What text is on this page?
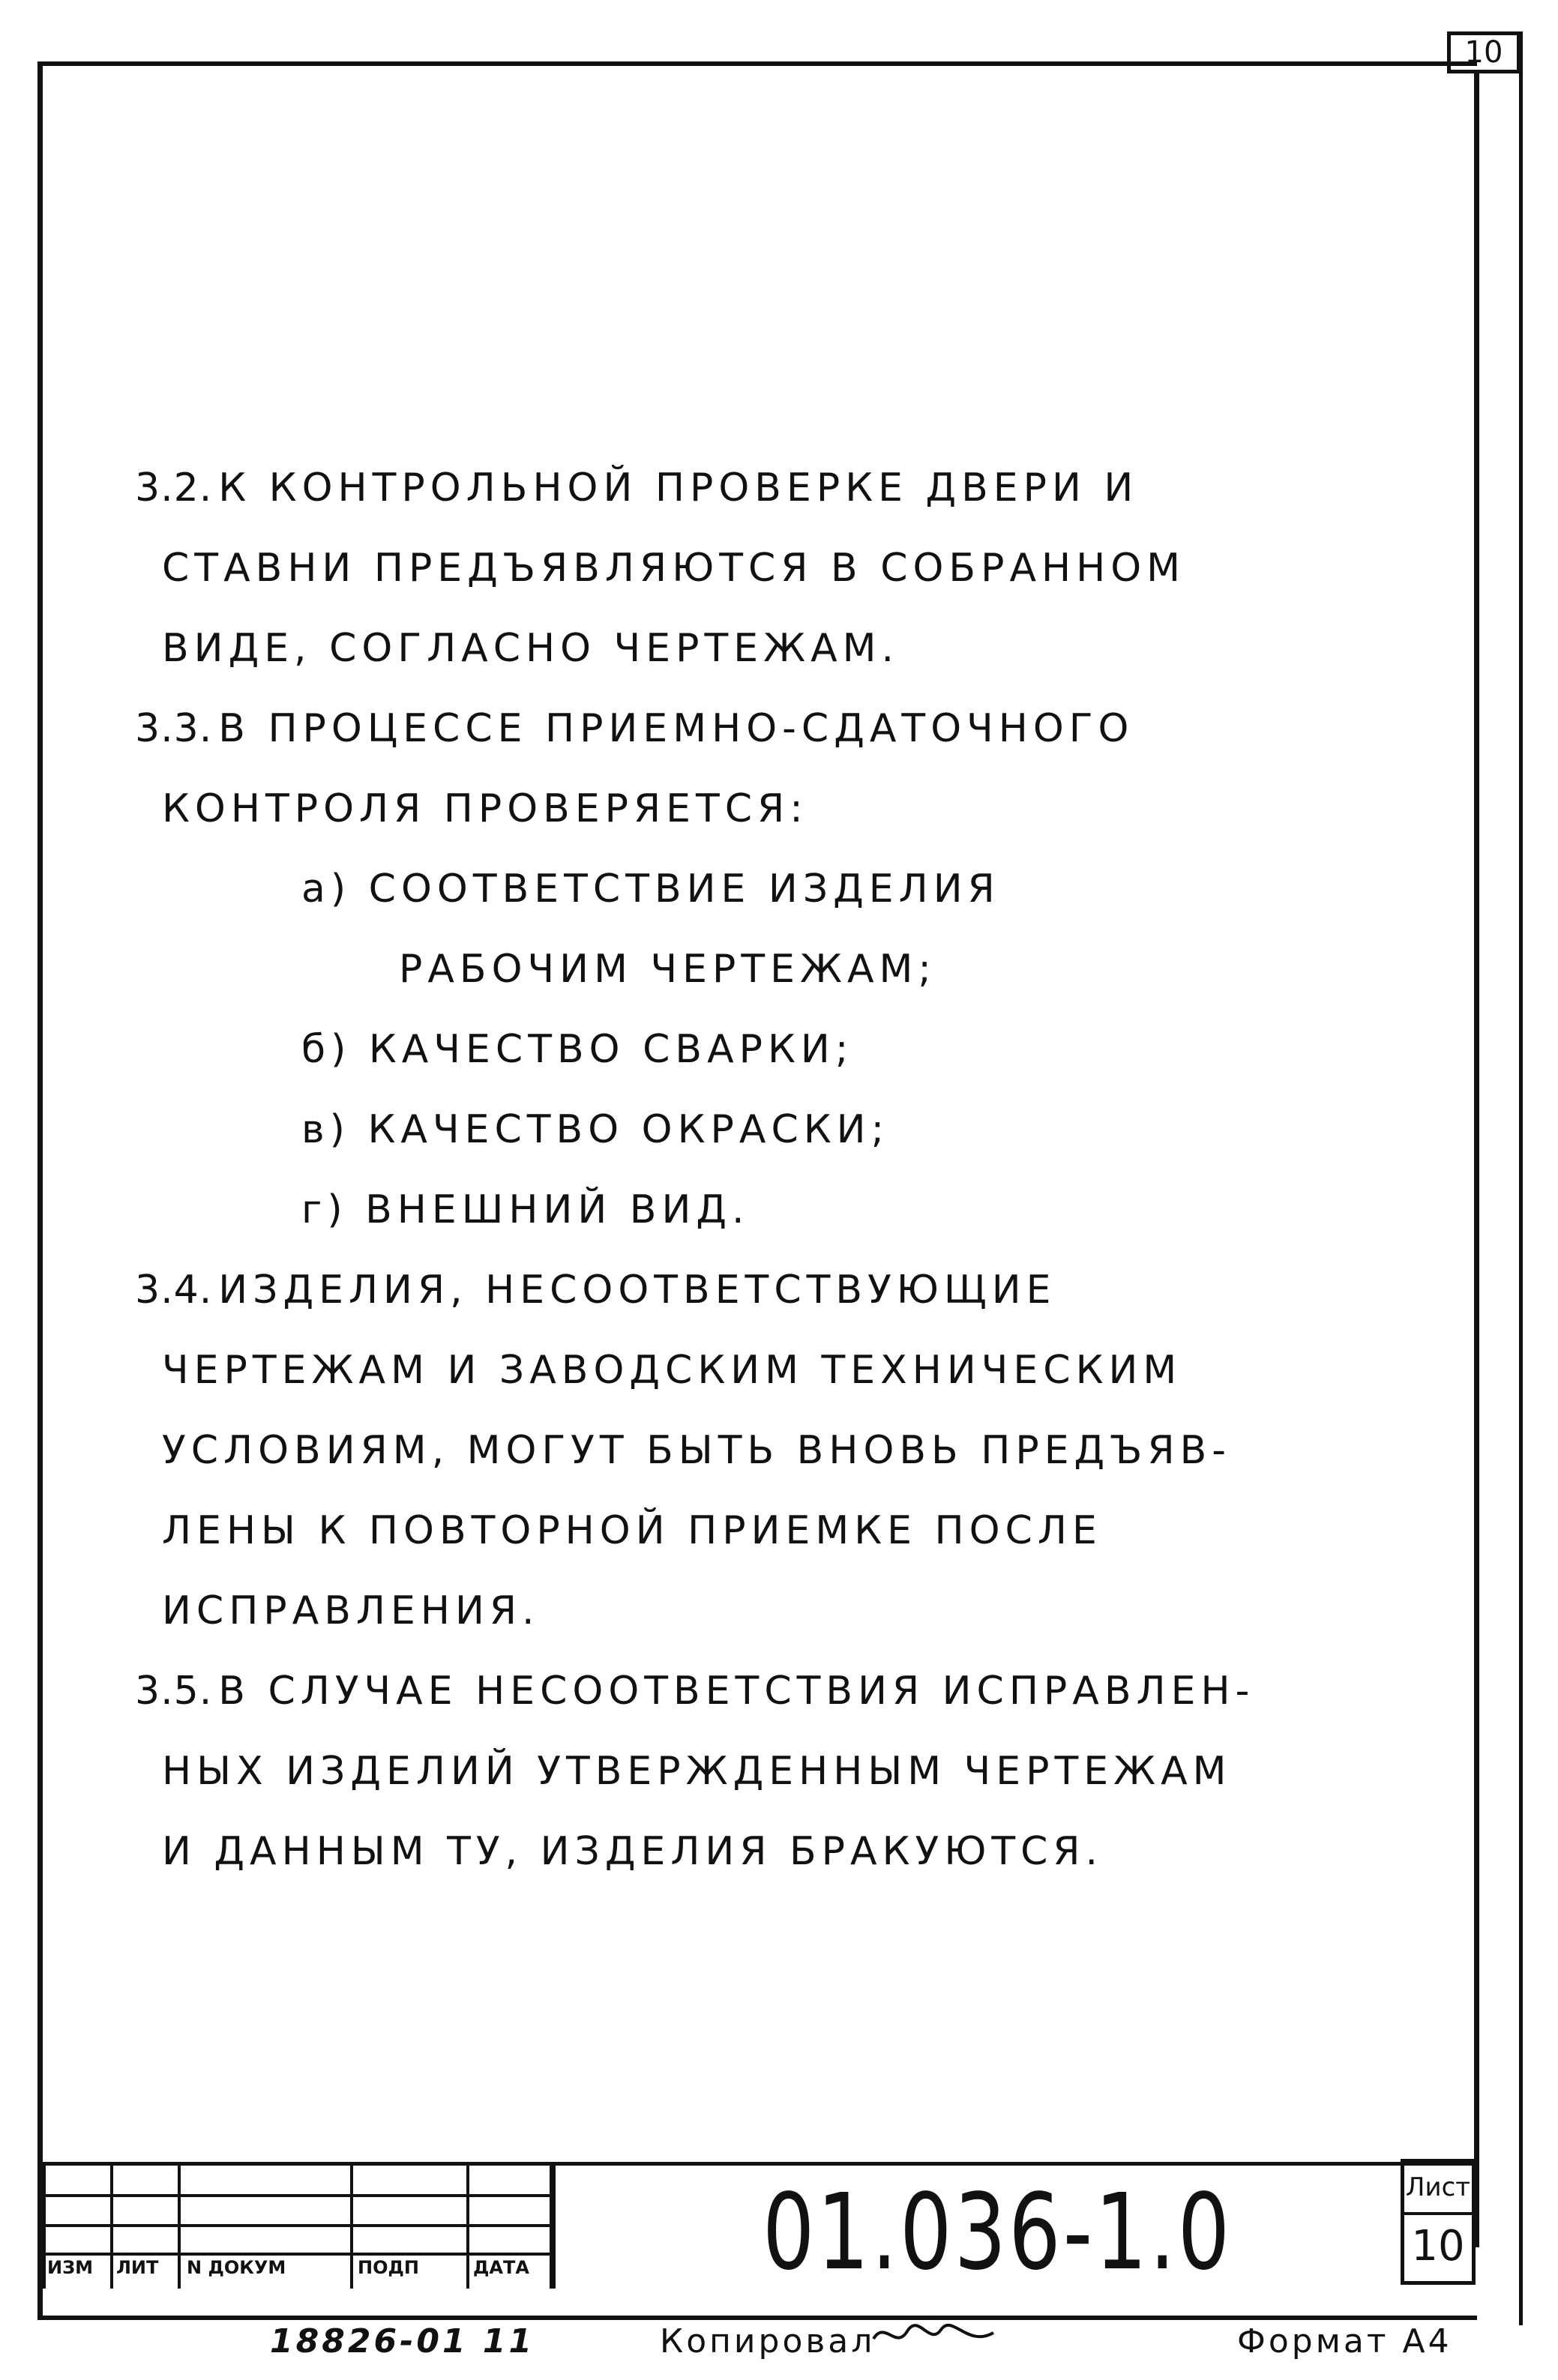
10
3.2. К КОНТРОЛЬНОЙ ПРОВЕРКЕ ДВЕРИ И
СТАВНИ ПРЕДЪЯВЛЯЮТСЯ В СОБРАННОМ
ВИДЕ, СОГЛАСНО ЧЕРТЕЖАМ.
3.3. В ПРОЦЕССЕ ПРИЕМНО-СДАТОЧНОГО
КОНТРОЛЯ ПРОВЕРЯЕТСЯ:
а) СООТВЕТСТВИЕ ИЗДЕЛИЯ
РАБОЧИМ ЧЕРТЕЖАМ;
б) КАЧЕСТВО СВАРКИ;
в) КАЧЕСТВО ОКРАСКИ;
г) ВНЕШНИЙ ВИД.
3.4. ИЗДЕЛИЯ, НЕСООТВЕТСТВУЮЩИЕ
ЧЕРТЕЖАМ И ЗАВОДСКИМ ТЕХНИЧЕСКИМ
УСЛОВИЯМ, МОГУТ БЫТЬ ВНОВЬ ПРЕДЪЯВ-
ЛЕНЫ К ПОВТОРНОЙ ПРИЕМКЕ ПОСЛЕ
ИСПРАВЛЕНИЯ.
3.5. В СЛУЧАЕ НЕСООТВЕТСТВИЯ ИСПРАВЛЕН-
НЫХ ИЗДЕЛИЙ УТВЕРЖДЕННЫМ ЧЕРТЕЖАМ
И ДАННЫМ ТУ, ИЗДЕЛИЯ БРАКУЮТСЯ.
ИЗМ ЛИТ N ДОКУМ	ПОДП	ДАТА 01.036-1.0	Лист
10
18826-01 11	Копировал	Формат А4
